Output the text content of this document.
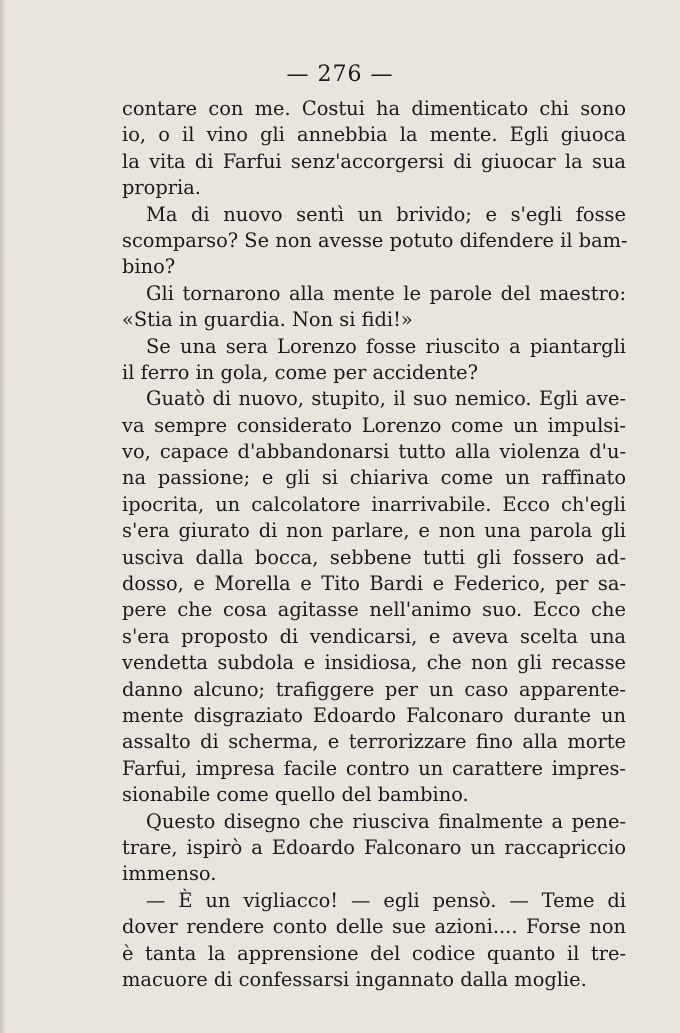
— 276 —
contare con me. Costui ha dimenticato chi sono
io, o il vino gli annebbia la mente. Egli giuoca
la vita di Farfui senz'accorgersi di giuocar la sua
propria.
Ma di nuovo sentì un brivido; e s'egli fosse
scomparso? Se non avesse potuto difendere il bam-
bino?
Gli tornarono alla mente le parole del maestro:
«Stia in guardia. Non si fidi!»
Se una sera Lorenzo fosse riuscito a piantargli
il ferro in gola, come per accidente?
Guatò di nuovo, stupito, il suo nemico. Egli ave-
va sempre considerato Lorenzo come un impulsi-
vo, capace d'abbandonarsi tutto alla violenza d'u-
na passione; e gli si chiariva come un raffinato
ipocrita, un calcolatore inarrivabile. Ecco ch'egli
s'era giurato di non parlare, e non una parola gli
usciva dalla bocca, sebbene tutti gli fossero ad-
dosso, e Morella e Tito Bardi e Federico, per sa-
pere che cosa agitasse nell'animo suo. Ecco che
s'era proposto di vendicarsi, e aveva scelta una
vendetta subdola e insidiosa, che non gli recasse
danno alcuno; trafiggere per un caso apparente-
mente disgraziato Edoardo Falconaro durante un
assalto di scherma, e terrorizzare fino alla morte
Farfui, impresa facile contro un carattere impres-
sionabile come quello del bambino.
Questo disegno che riusciva finalmente a pene-
trare, ispirò a Edoardo Falconaro un raccapriccio
immenso.
— È un vigliacco! — egli pensò. — Teme di
dover rendere conto delle sue azioni.... Forse non
è tanta la apprensione del codice quanto il tre-
macuore di confessarsi ingannato dalla moglie.
